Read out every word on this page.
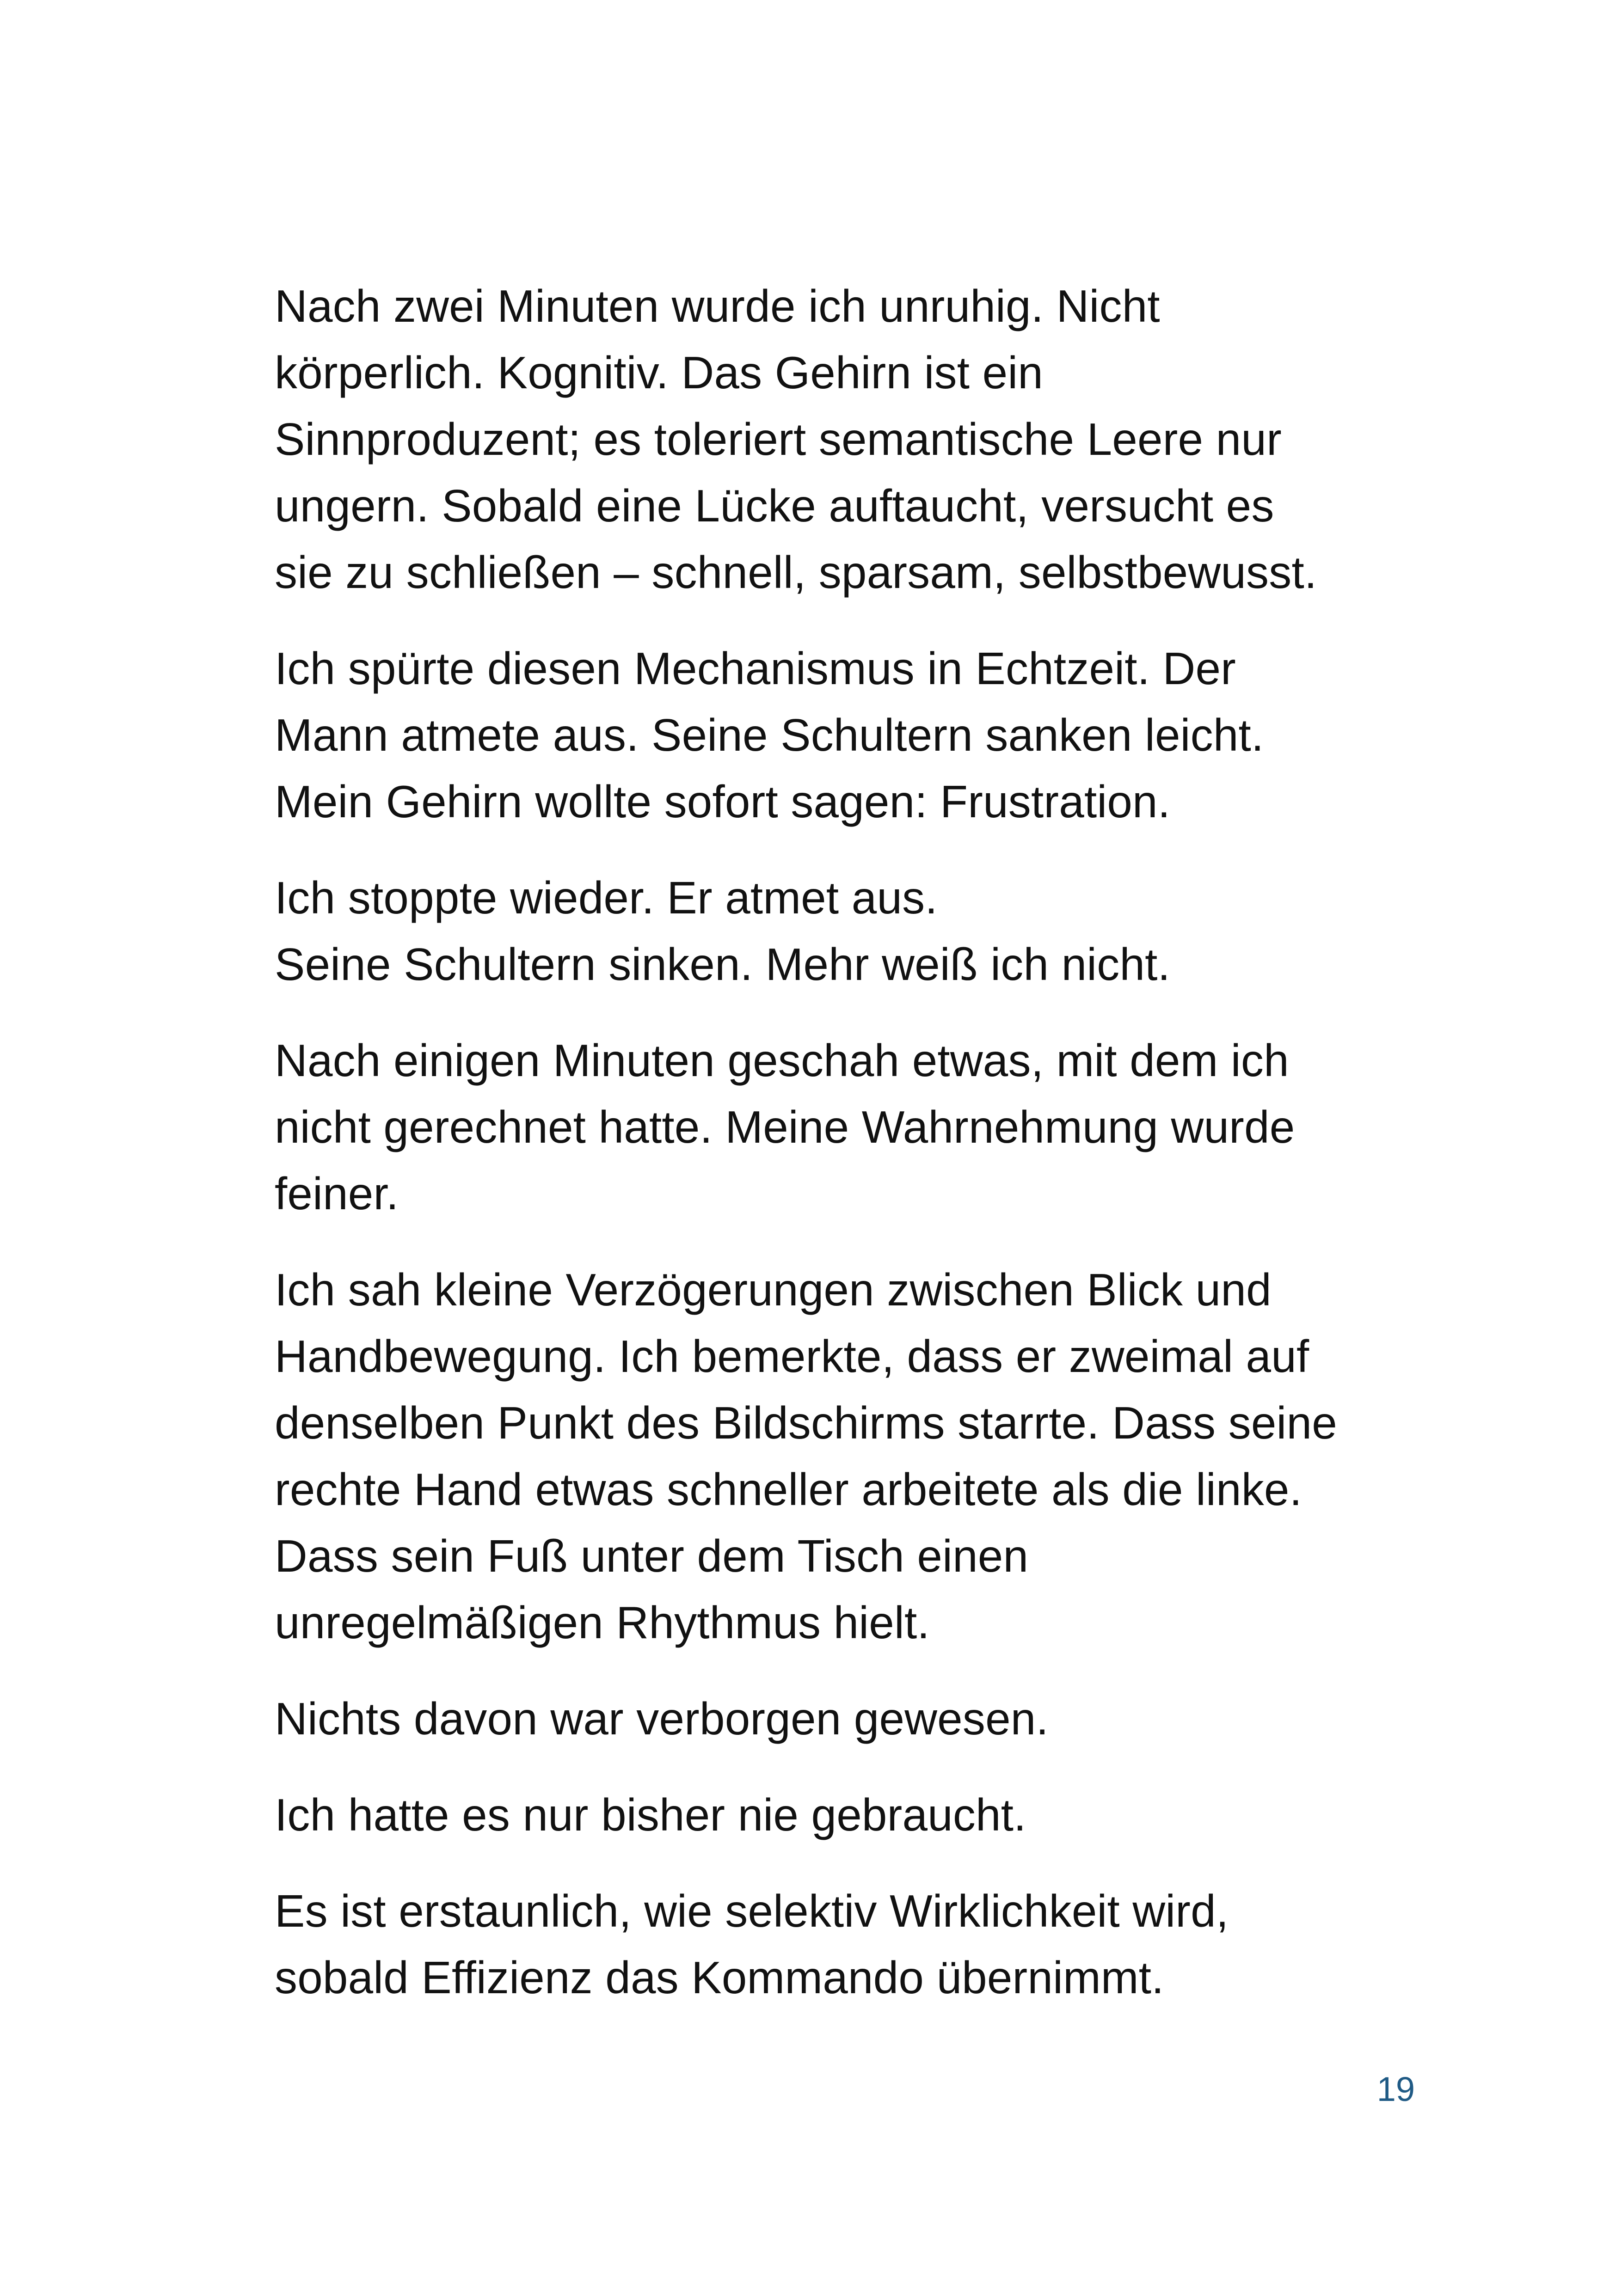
Nach zwei Minuten wurde ich unruhig. Nicht
körperlich. Kognitiv. Das Gehirn ist ein
Sinnproduzent; es toleriert semantische Leere nur
ungern. Sobald eine Lücke auftaucht, versucht es
sie zu schließen – schnell, sparsam, selbstbewusst.

Ich spürte diesen Mechanismus in Echtzeit. Der
Mann atmete aus. Seine Schultern sanken leicht.
Mein Gehirn wollte sofort sagen: Frustration.

Ich stoppte wieder. Er atmet aus.
Seine Schultern sinken. Mehr weiß ich nicht.

Nach einigen Minuten geschah etwas, mit dem ich
nicht gerechnet hatte. Meine Wahrnehmung wurde
feiner.

Ich sah kleine Verzögerungen zwischen Blick und
Handbewegung. Ich bemerkte, dass er zweimal auf
denselben Punkt des Bildschirms starrte. Dass seine
rechte Hand etwas schneller arbeitete als die linke.
Dass sein Fuß unter dem Tisch einen
unregelmäßigen Rhythmus hielt.

Nichts davon war verborgen gewesen.

Ich hatte es nur bisher nie gebraucht.

Es ist erstaunlich, wie selektiv Wirklichkeit wird,
sobald Effizienz das Kommando übernimmt.

19
